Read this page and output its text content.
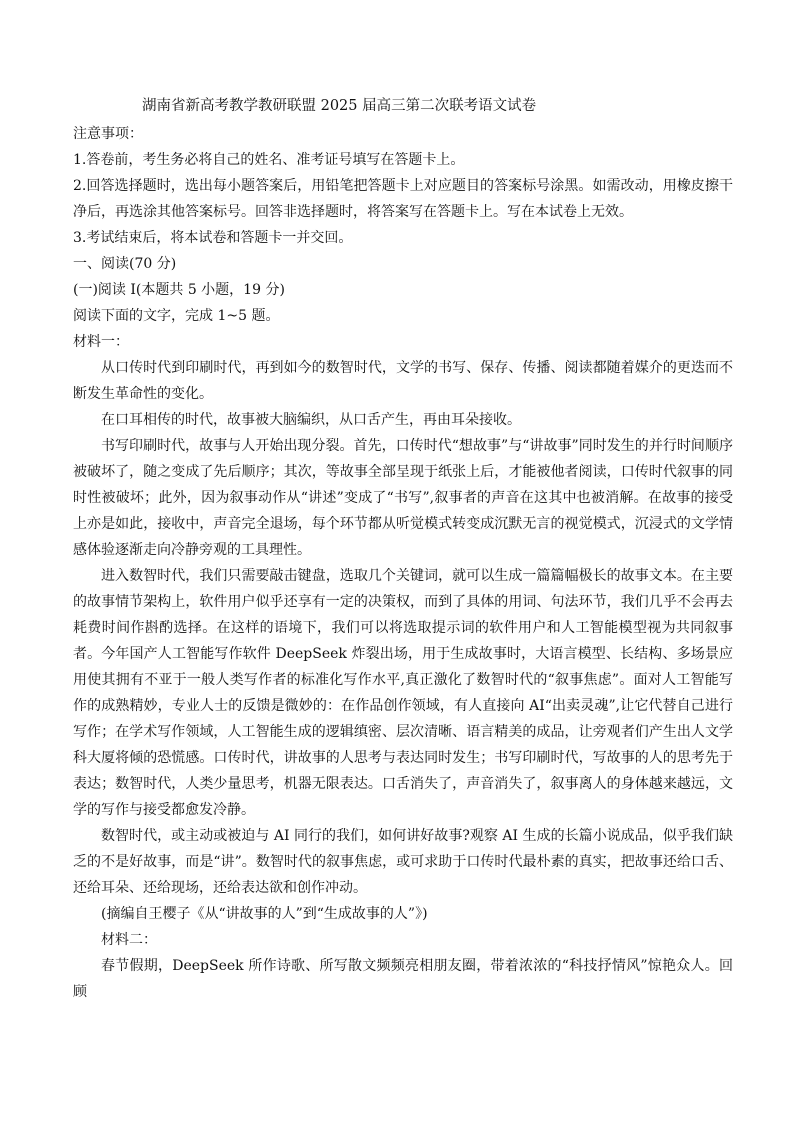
湖南省新高考教学教研联盟 2025 届高三第二次联考语文试卷

注意事项：

1.答卷前，考生务必将自己的姓名、准考证号填写在答题卡上。

2.回答选择题时，选出每小题答案后，用铅笔把答题卡上对应题目的答案标号涂黑。如需改动，用橡皮擦干净后，再选涂其他答案标号。回答非选择题时，将答案写在答题卡上。写在本试卷上无效。

3.考试结束后，将本试卷和答题卡一并交回。

一、阅读(70 分)

(一)阅读 I(本题共 5 小题，19 分)

阅读下面的文字，完成 1~5 题。

材料一：

从口传时代到印刷时代，再到如今的数智时代，文学的书写、保存、传播、阅读都随着媒介的更迭而不断发生革命性的变化。

在口耳相传的时代，故事被大脑编织，从口舌产生，再由耳朵接收。

书写印刷时代，故事与人开始出现分裂。首先，口传时代“想故事”与“讲故事”同时发生的并行时间顺序被破坏了，随之变成了先后顺序；其次，等故事全部呈现于纸张上后，才能被他者阅读，口传时代叙事的同时性被破坏；此外，因为叙事动作从“讲述”变成了“书写”,叙事者的声音在这其中也被消解。在故事的接受上亦是如此，接收中，声音完全退场，每个环节都从听觉模式转变成沉默无言的视觉模式，沉浸式的文学情感体验逐渐走向冷静旁观的工具理性。

进入数智时代，我们只需要敲击键盘，选取几个关键词，就可以生成一篇篇幅极长的故事文本。在主要的故事情节架构上，软件用户似乎还享有一定的决策权，而到了具体的用词、句法环节，我们几乎不会再去耗费时间作斟酌选择。在这样的语境下，我们可以将选取提示词的软件用户和人工智能模型视为共同叙事者。今年国产人工智能写作软件 DeepSeek 炸裂出场，用于生成故事时，大语言模型、长结构、多场景应用使其拥有不亚于一般人类写作者的标准化写作水平,真正激化了数智时代的“叙事焦虑”。面对人工智能写作的成熟精妙，专业人士的反馈是微妙的：在作品创作领域，有人直接向 AI“出卖灵魂”,让它代替自己进行写作；在学术写作领域，人工智能生成的逻辑缜密、层次清晰、语言精美的成品，让旁观者们产生出人文学科大厦将倾的恐慌感。口传时代，讲故事的人思考与表达同时发生；书写印刷时代，写故事的人的思考先于表达；数智时代，人类少量思考，机器无限表达。口舌消失了，声音消失了，叙事离人的身体越来越远，文学的写作与接受都愈发冷静。

数智时代，或主动或被迫与 AI 同行的我们，如何讲好故事?观察 AI 生成的长篇小说成品，似乎我们缺乏的不是好故事，而是“讲”。数智时代的叙事焦虑，或可求助于口传时代最朴素的真实，把故事还给口舌、还给耳朵、还给现场，还给表达欲和创作冲动。

(摘编自王樱子《从“讲故事的人”到“生成故事的人”》)

材料二：

春节假期，DeepSeek 所作诗歌、所写散文频频亮相朋友圈，带着浓浓的“科技抒情风”惊艳众人。回顾
